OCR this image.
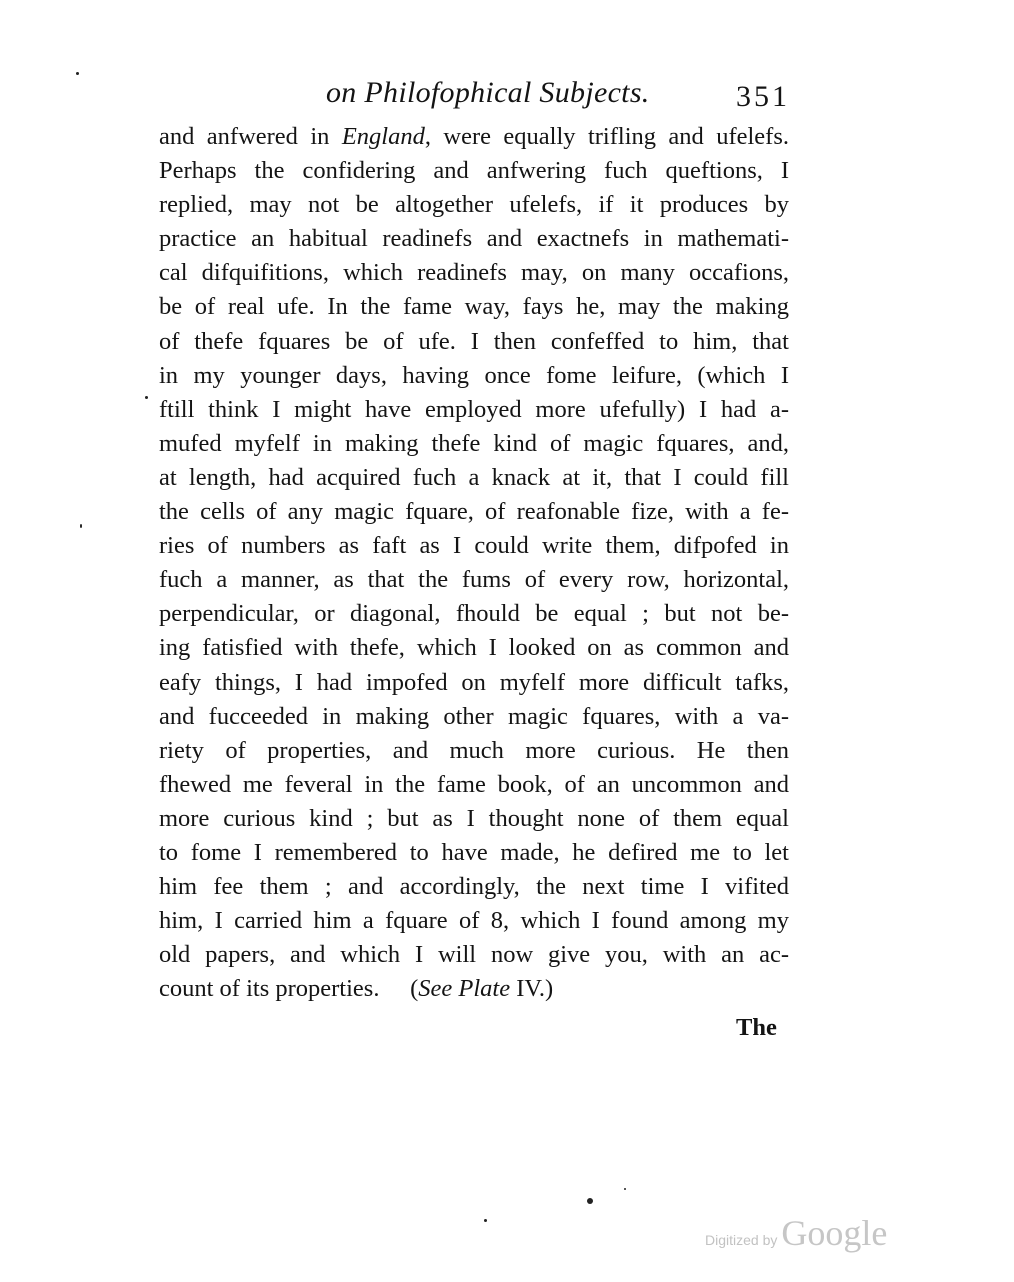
on Philofophical Subjects.	351
and anfwered in England, were equally trifling and ufelefs.
Perhaps the confidering and anfwering fuch queftions, I
replied, may not be altogether ufelefs, if it produces by
practice an habitual readinefs and exactnefs in mathemati-
cal difquifitions, which readinefs may, on many occafions,
be of real ufe. In the fame way, fays he, may the making
of thefe fquares be of ufe. I then confeffed to him, that
in my younger days, having once fome leifure, (which I
ftill think I might have employed more ufefully) I had a-
mufed myfelf in making thefe kind of magic fquares, and,
at length, had acquired fuch a knack at it, that I could fill
the cells of any magic fquare, of reafonable fize, with a fe-
ries of numbers as faft as I could write them, difpofed in
fuch a manner, as that the fums of every row, horizontal,
perpendicular, or diagonal, fhould be equal ; but not be-
ing fatisfied with thefe, which I looked on as common and
eafy things, I had impofed on myfelf more difficult tafks,
and fucceeded in making other magic fquares, with a va-
riety of properties, and much more curious. He then
fhewed me feveral in the fame book, of an uncommon and
more curious kind ; but as I thought none of them equal
to fome I remembered to have made, he defired me to let
him fee them ; and accordingly, the next time I vifited
him, I carried him a fquare of 8, which I found among my
old papers, and which I will now give you, with an ac-
count of its properties.     (See Plate IV.)
The
Digitized by Google
